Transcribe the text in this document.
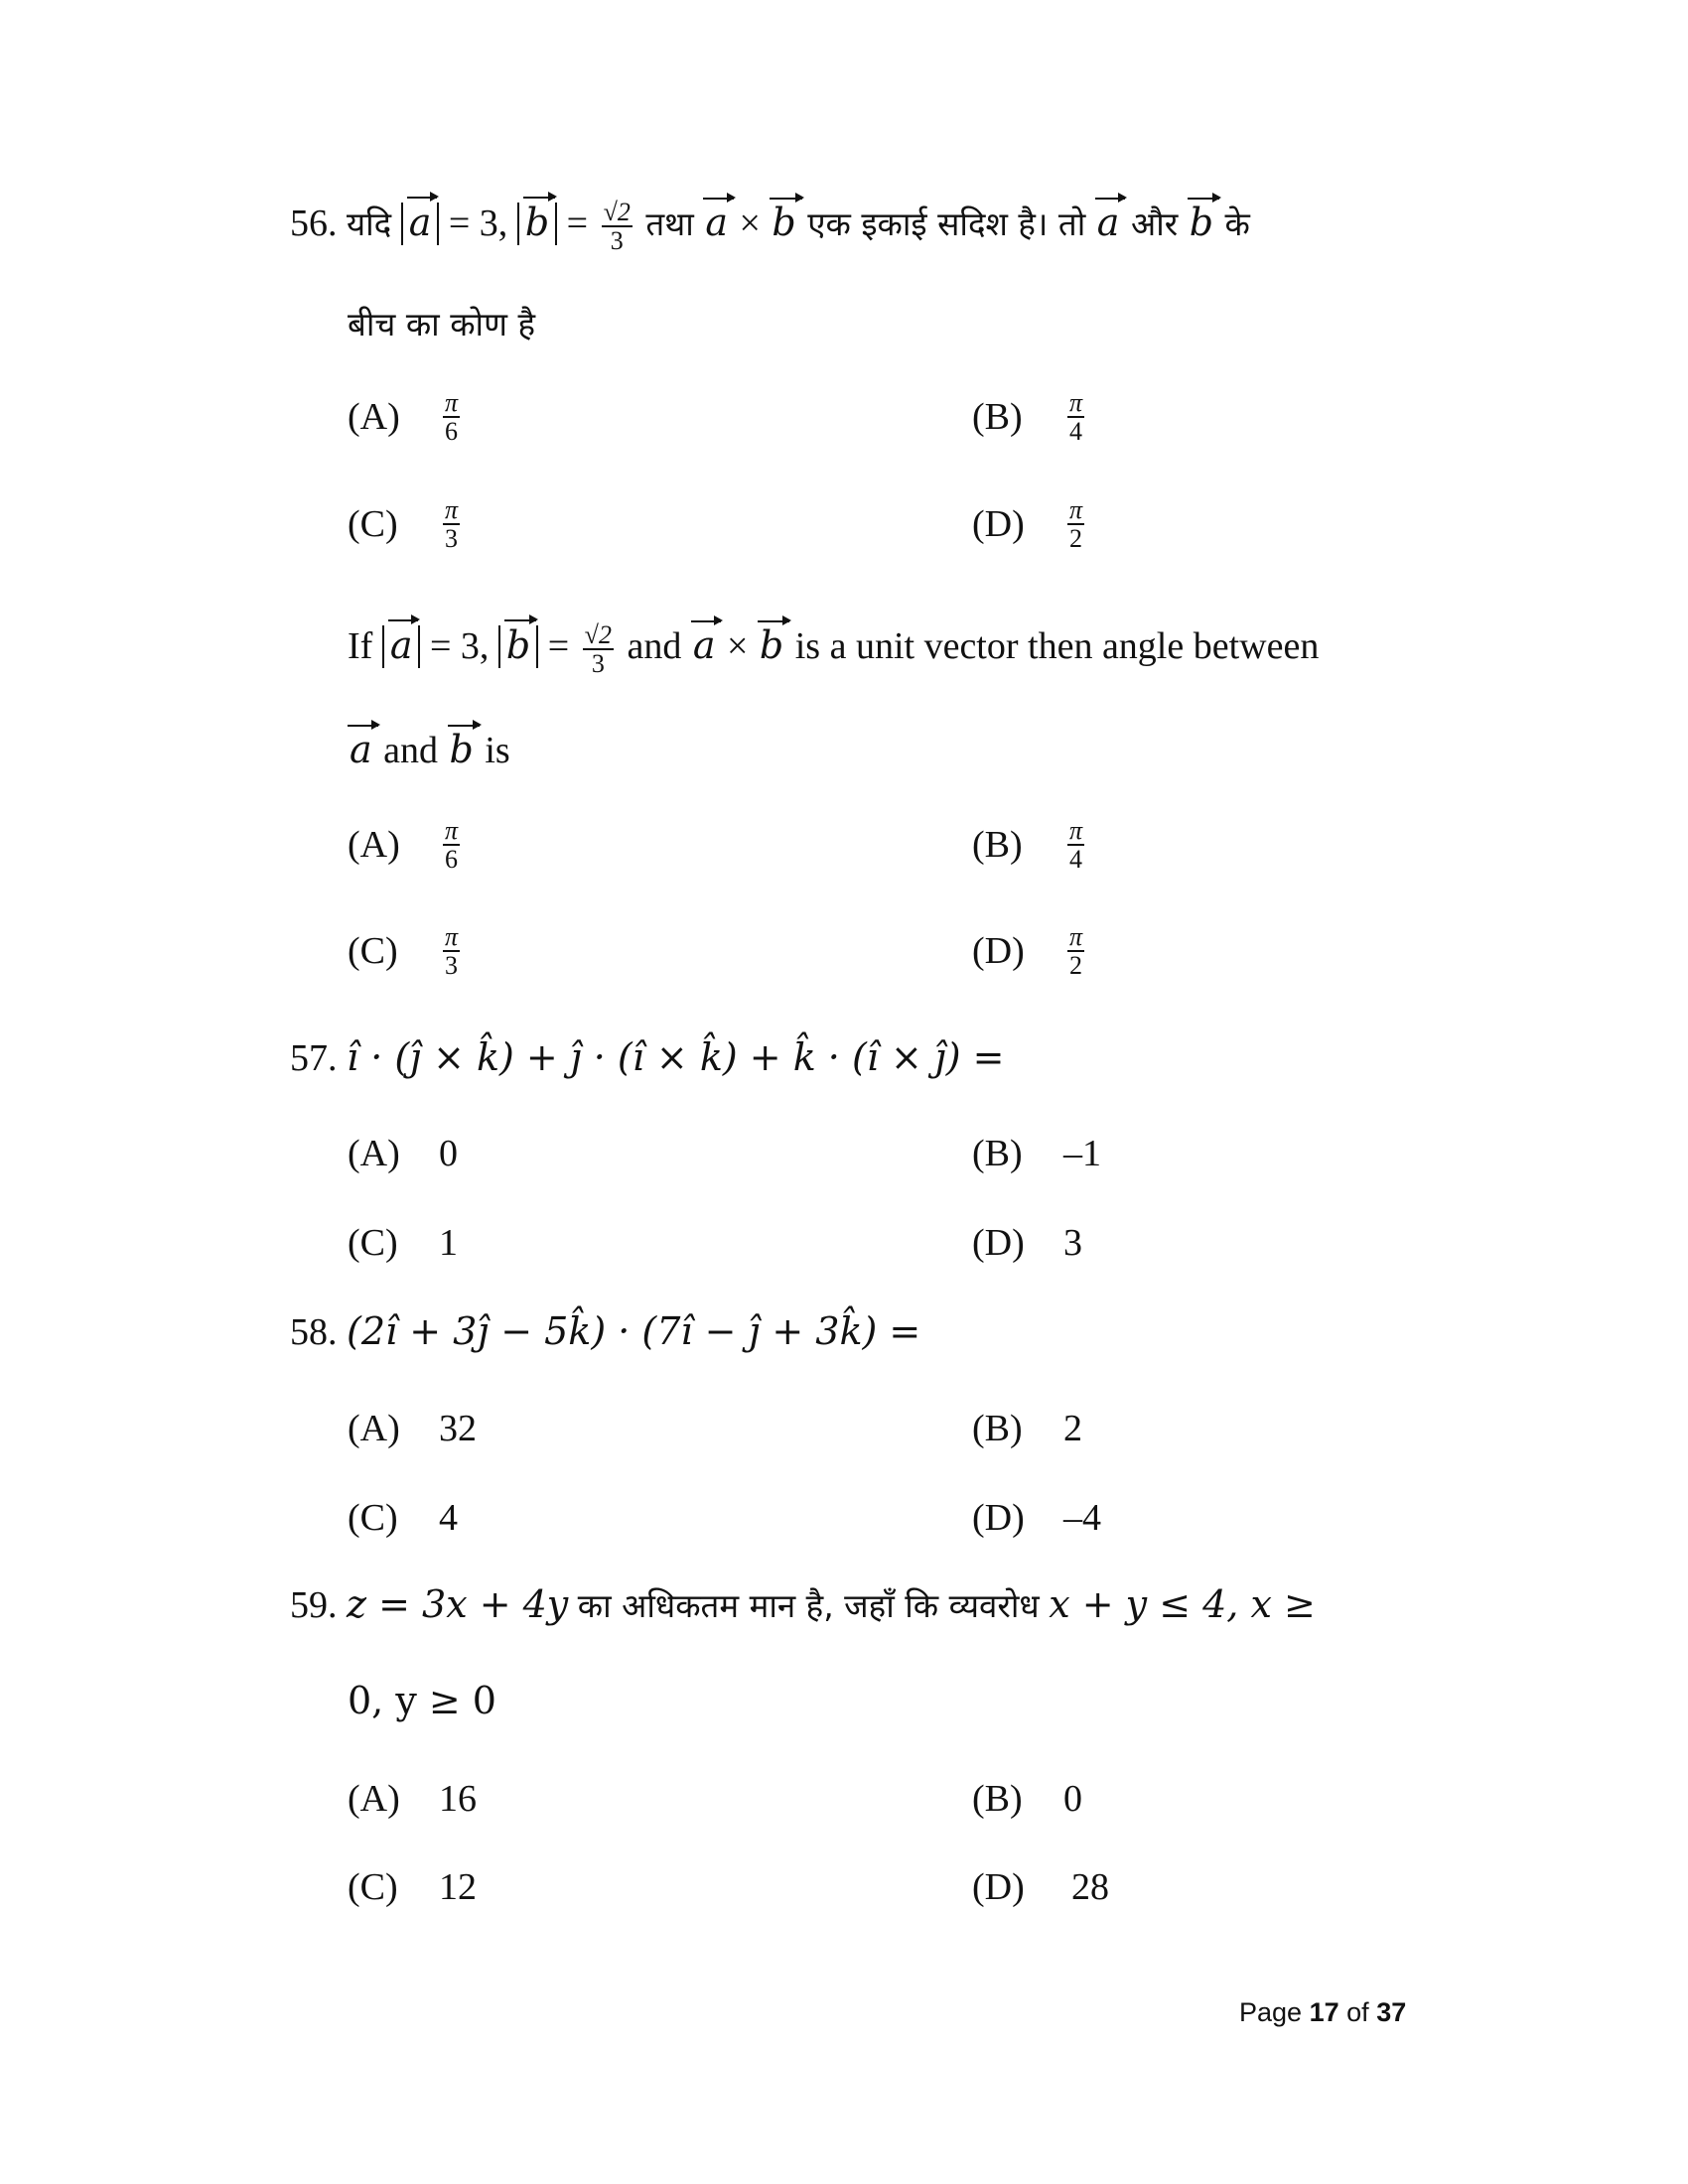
56. यदि a = 3, $b = \frac{√2}{3}$ तथा a × b एक इकाई सदिश है। तो a और b के
बीच का कोण है
(A)	$\frac{\pi}{6}$	(B)	$\frac{\pi}{4}$
(C)	$\frac{\pi}{3}$	(D)	$\frac{\pi}{2}$
If a = 3, $b = \frac{√2}{3}$ and a × b is a unit vector then angle between
a and b is
(A)	$\frac{\pi}{6}$	(B)	$\frac{\pi}{4}$
(C)	$\frac{\pi}{3}$	(D)	$\frac{\pi}{2}$
57. î · (ĵ × k̂) + ĵ · (î × k̂) + k̂ · (î × ĵ) =
(A)	0	(B)	–1
(C)	1	(D)	3
58. (2î + 3ĵ − 5k̂) · (7î − ĵ + 3k̂) =
(A)	32	(B)	2
(C)	4	(D)	–4
59. z = 3x + 4y का अधिकतम मान है, जहाँ कि व्यवरोध x + y ≤ 4, x ≥
0, y ≥ 0
(A)	16	(B)	0
(C)	12	(D)	28
Page 17 of 37
